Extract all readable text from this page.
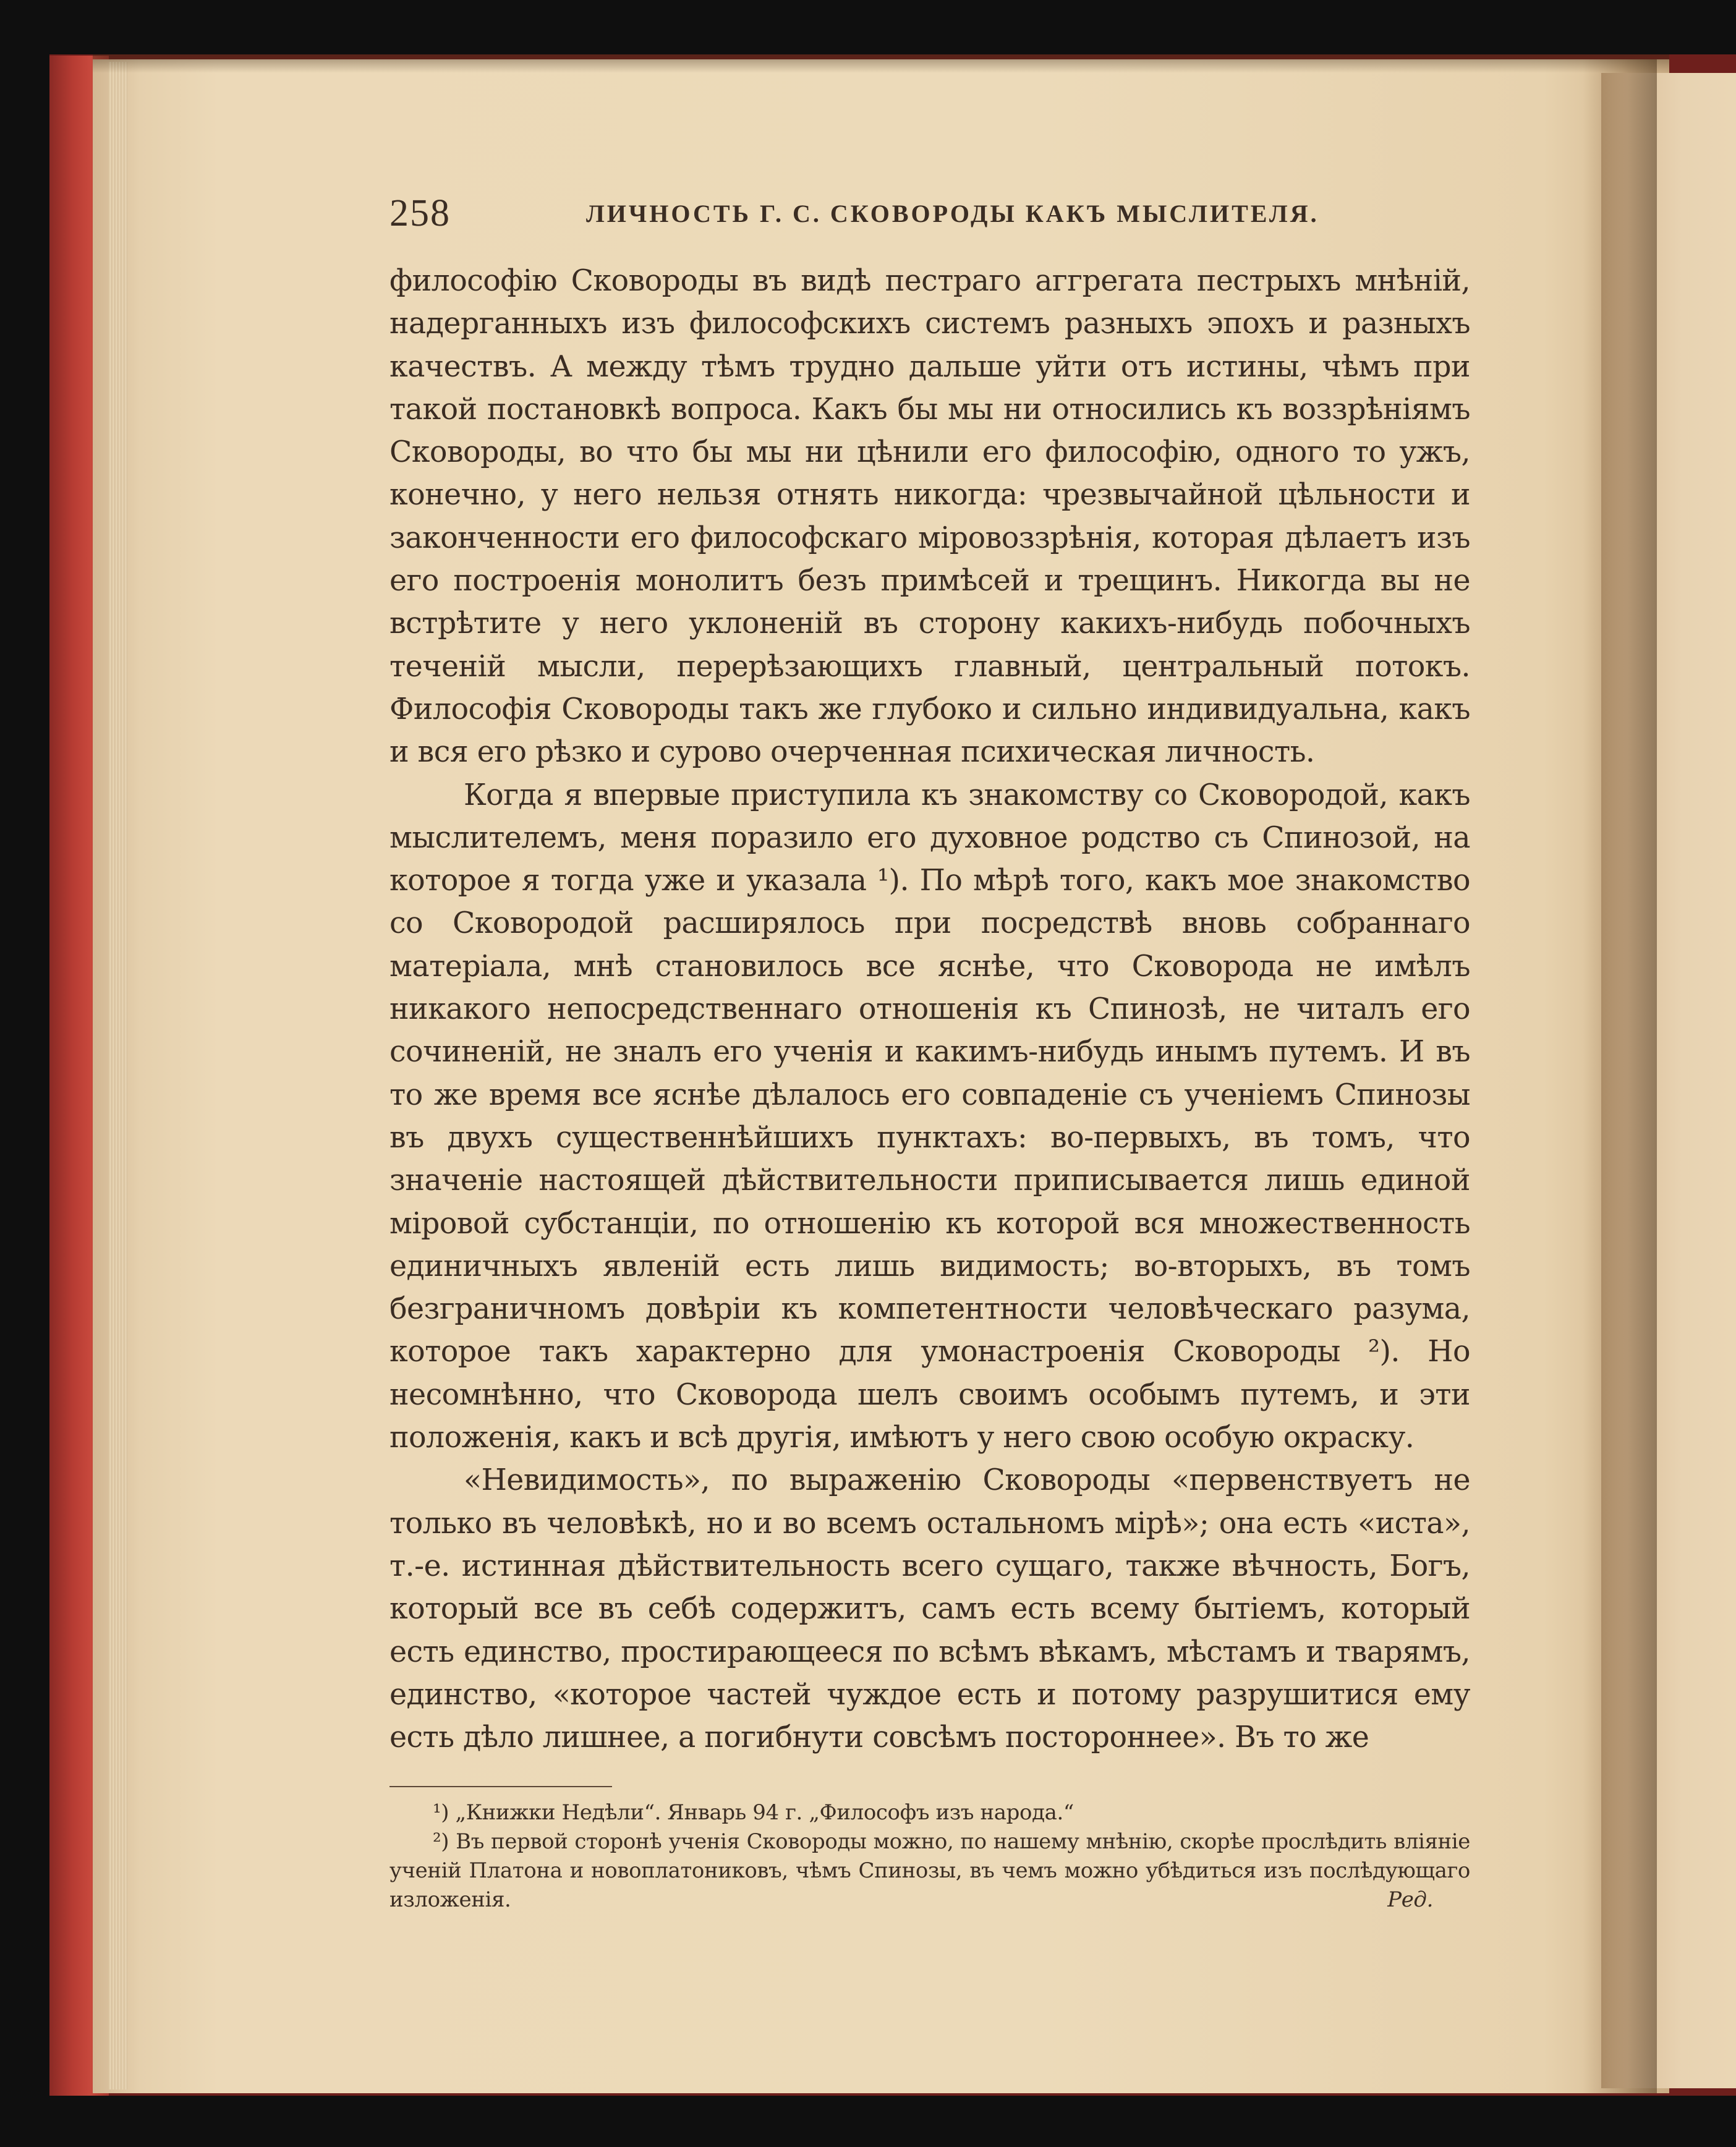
258	ЛИЧНОСТЬ Г. С. СКОВОРОДЫ КАКЪ МЫСЛИТЕЛЯ.

философію Сковороды въ видѣ пестраго аггрегата пестрыхъ мнѣній, надерганныхъ изъ философскихъ системъ разныхъ эпохъ и разныхъ качествъ. А между тѣмъ трудно дальше уйти отъ истины, чѣмъ при такой постановкѣ вопроса. Какъ бы мы ни относились къ воззрѣніямъ Сковороды, во что бы мы ни цѣнили его философію, одного то ужъ, конечно, у него нельзя отнять никогда: чрезвычайной цѣльности и законченности его философскаго міровоззрѣнія, которая дѣлаетъ изъ его построенія монолитъ безъ примѣсей и трещинъ. Никогда вы не встрѣтите у него уклоненій въ сторону какихъ-нибудь побочныхъ теченій мысли, перерѣзающихъ главный, центральный потокъ. Философія Сковороды такъ же глубоко и сильно индивидуальна, какъ и вся его рѣзко и сурово очерченная психическая личность.

Когда я впервые приступила къ знакомству со Сковородой, какъ мыслителемъ, меня поразило его духовное родство съ Спинозой, на которое я тогда уже и указала ¹). По мѣрѣ того, какъ мое знакомство со Сковородой расширялось при посредствѣ вновь собраннаго матеріала, мнѣ становилось все яснѣе, что Сковорода не имѣлъ никакого непосредственнаго отношенія къ Спинозѣ, не читалъ его сочиненій, не зналъ его ученія и какимъ-нибудь инымъ путемъ. И въ то же время все яснѣе дѣлалось его совпаденіе съ ученіемъ Спинозы въ двухъ существеннѣйшихъ пунктахъ: во-первыхъ, въ томъ, что значеніе настоящей дѣйствительности приписывается лишь единой міровой субстанціи, по отношенію къ которой вся множественность единичныхъ явленій есть лишь видимость; во-вторыхъ, въ томъ безграничномъ довѣріи къ компетентности человѣческаго разума, которое такъ характерно для умонастроенія Сковороды ²). Но несомнѣнно, что Сковорода шелъ своимъ особымъ путемъ, и эти положенія, какъ и всѣ другія, имѣютъ у него свою особую окраску.

«Невидимость», по выраженію Сковороды «первенствуетъ не только въ человѣкѣ, но и во всемъ остальномъ мірѣ»; она есть «иста», т.-е. истинная дѣйствительность всего сущаго, также вѣчность, Богъ, который все въ себѣ содержитъ, самъ есть всему бытіемъ, который есть единство, простирающееся по всѣмъ вѣкамъ, мѣстамъ и тварямъ, единство, «которое частей чуждое есть и потому разрушитися ему есть дѣло лишнее, а погибнути совсѣмъ постороннее». Въ то же

¹) „Книжки Недѣли“. Январь 94 г. „Философъ изъ народа.“

²) Въ первой сторонѣ ученія Сковороды можно, по нашему мнѣнію, скорѣе прослѣдить вліяніе ученій Платона и новоплатониковъ, чѣмъ Спинозы, въ чемъ можно убѣдиться изъ послѣдующаго изложенія.	Ред.
